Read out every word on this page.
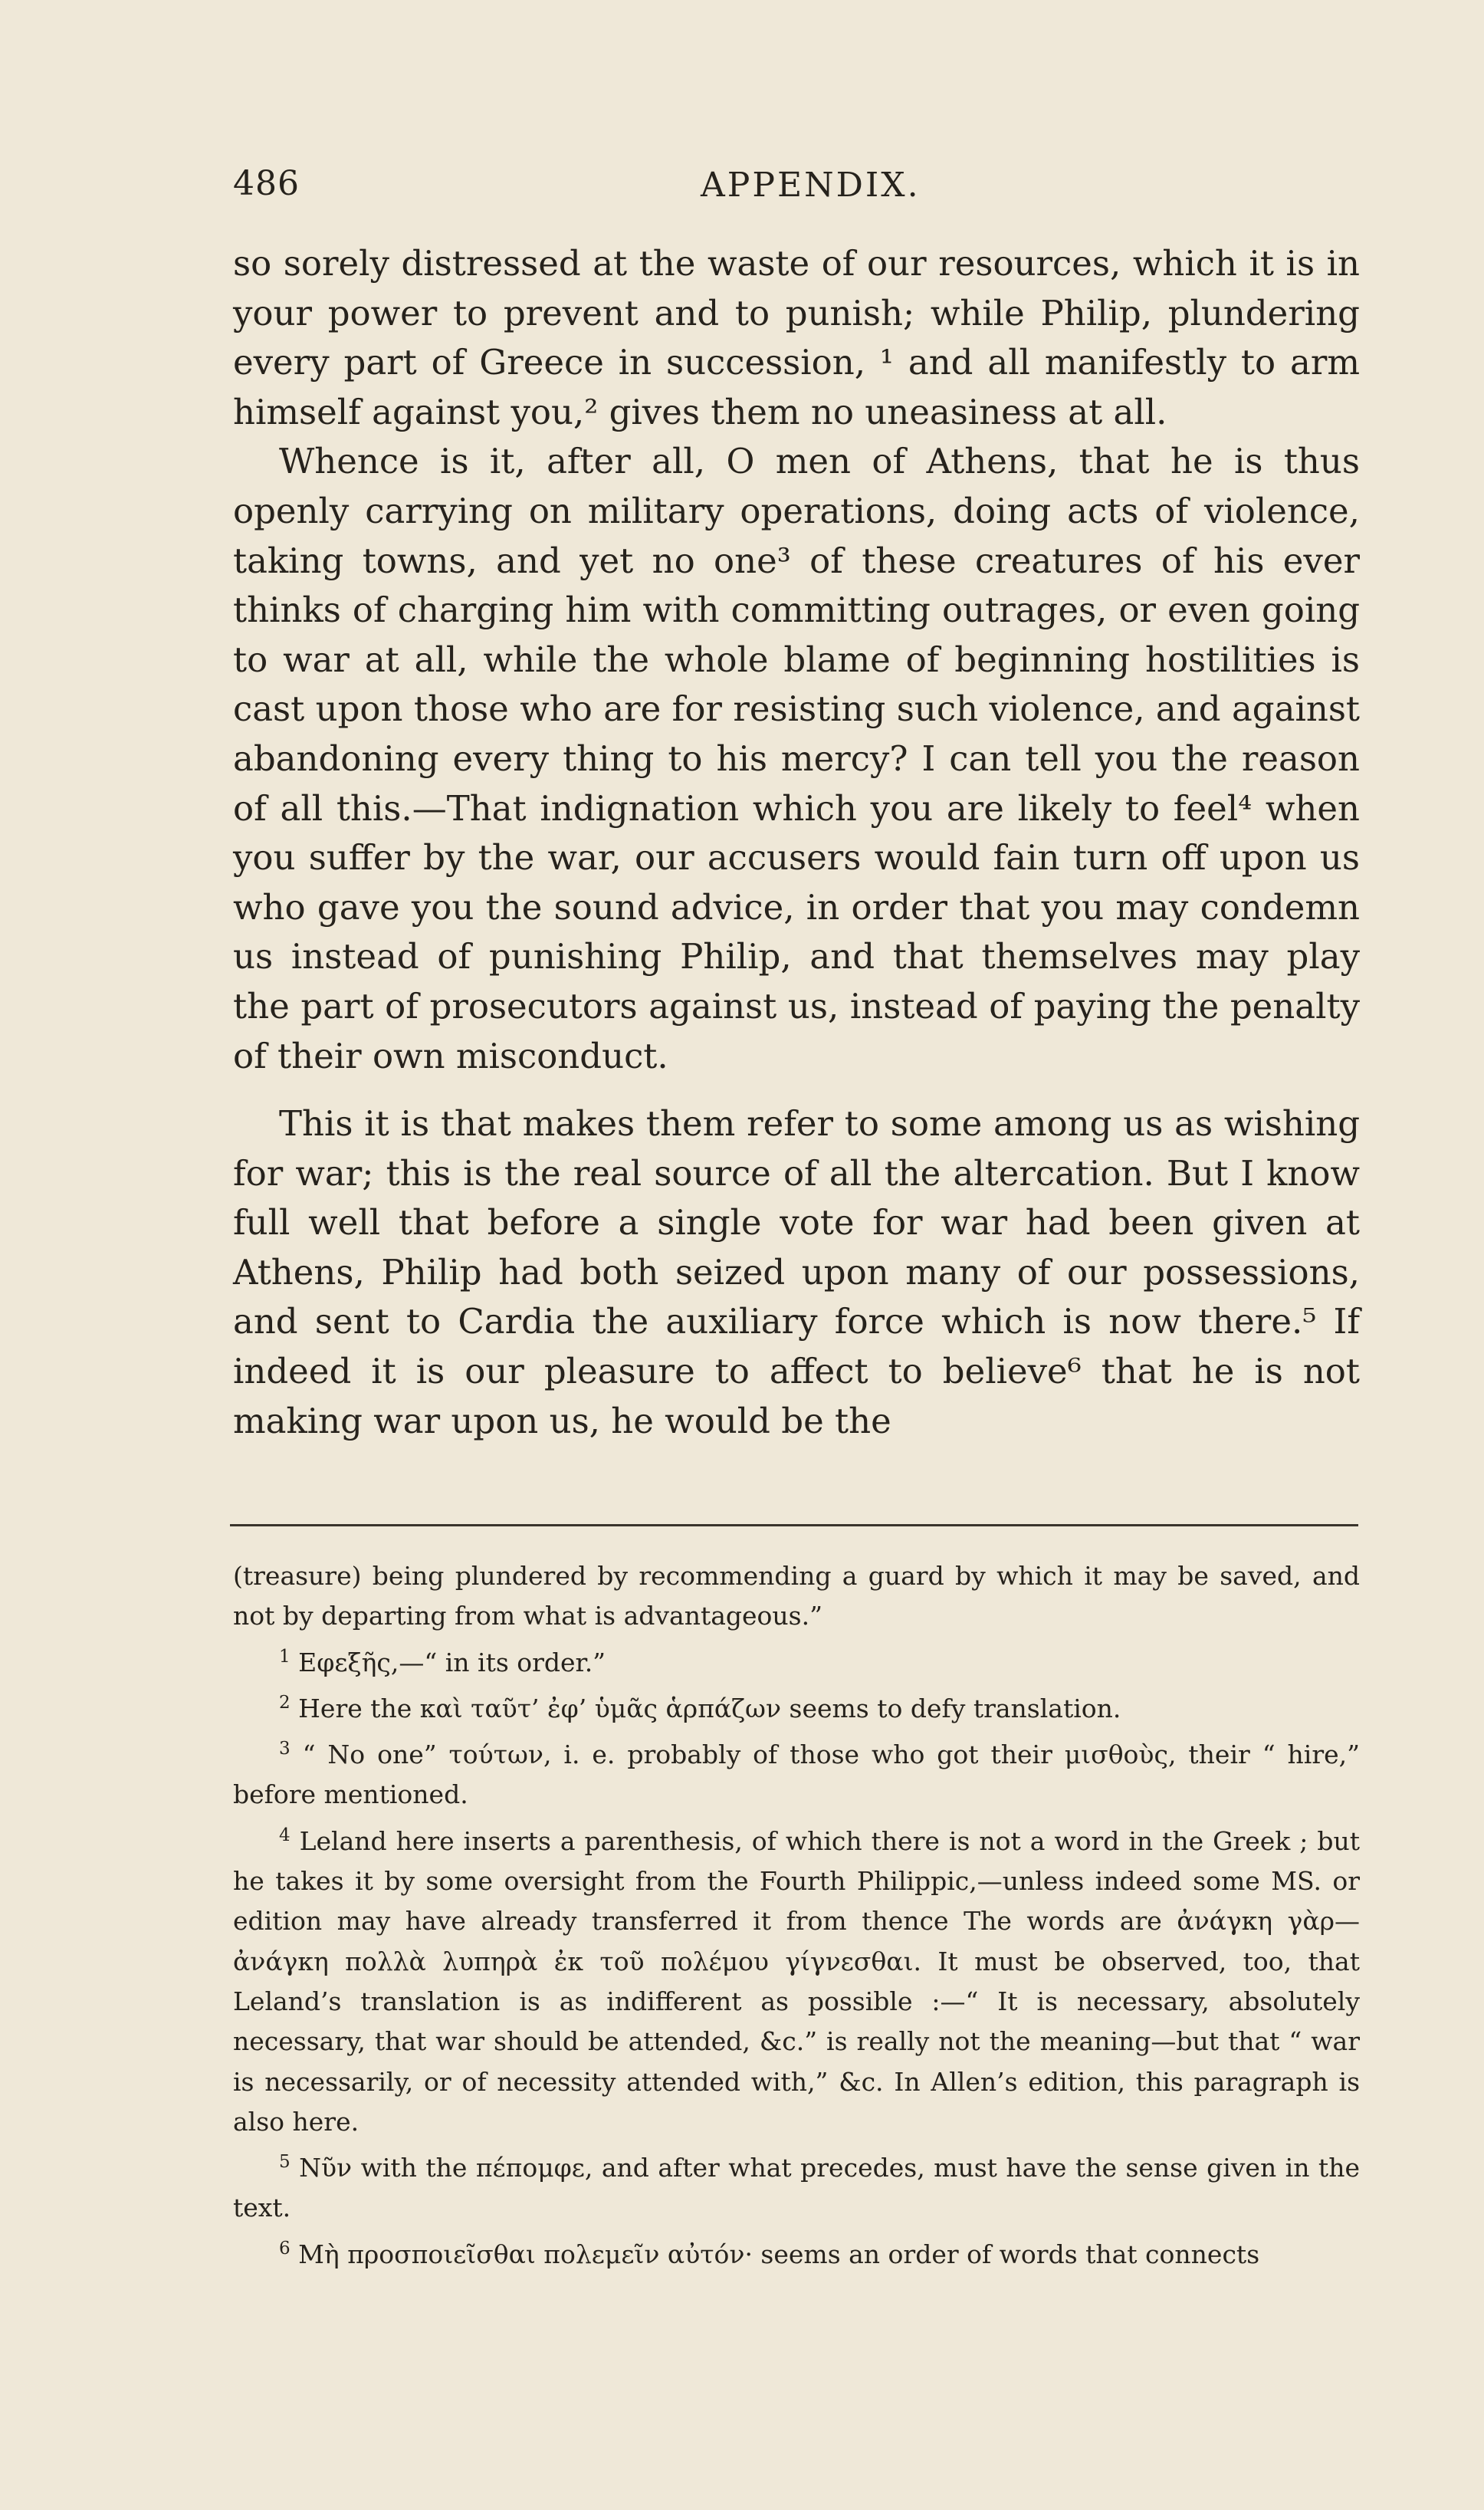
486	APPENDIX.

so sorely distressed at the waste of our resources, which it is in your power to prevent and to punish; while Philip, plundering every part of Greece in succession, ¹ and all manifestly to arm himself against you,² gives them no uneasiness at all.

Whence is it, after all, O men of Athens, that he is thus openly carrying on military operations, doing acts of violence, taking towns, and yet no one³ of these creatures of his ever thinks of charging him with committing outrages, or even going to war at all, while the whole blame of beginning hostilities is cast upon those who are for resisting such violence, and against abandoning every thing to his mercy? I can tell you the reason of all this.—That indignation which you are likely to feel⁴ when you suffer by the war, our accusers would fain turn off upon us who gave you the sound advice, in order that you may condemn us instead of punishing Philip, and that themselves may play the part of prosecutors against us, instead of paying the penalty of their own misconduct.

This it is that makes them refer to some among us as wishing for war; this is the real source of all the altercation. But I know full well that before a single vote for war had been given at Athens, Philip had both seized upon many of our possessions, and sent to Cardia the auxiliary force which is now there.⁵ If indeed it is our pleasure to affect to believe⁶ that he is not making war upon us, he would be the

(treasure) being plundered by recommending a guard by which it may be saved, and not by departing from what is advantageous.”

$^1$ Εφεξῆς,—“ in its order.”

$^2$ Here the καὶ ταῦτ’ ἐφ’ ὑμᾶς ἁρπάζων seems to defy translation.

$^3$ “ No one” τούτων, i. e. probably of those who got their μισθοὺς, their “ hire,” before mentioned.

$^4$ Leland here inserts a parenthesis, of which there is not a word in the Greek ; but he takes it by some oversight from the Fourth Philippic,—unless indeed some MS. or edition may have already transferred it from thence The words are ἀνάγκη γὰρ—ἀνάγκη πολλὰ λυπηρὰ ἐκ τοῦ πολέμου γίγνεσθαι. It must be observed, too, that Leland’s translation is as indifferent as possible :—“ It is necessary, absolutely necessary, that war should be attended, &c.” is really not the meaning—but that “ war is necessarily, or of necessity attended with,” &c. In Allen’s edition, this paragraph is also here.

$^5$ Νῦν with the πέπομφε, and after what precedes, must have the sense given in the text.

$^6$ Μὴ προσποιεῖσθαι πολεμεῖν αὐτόν· seems an order of words that connects
